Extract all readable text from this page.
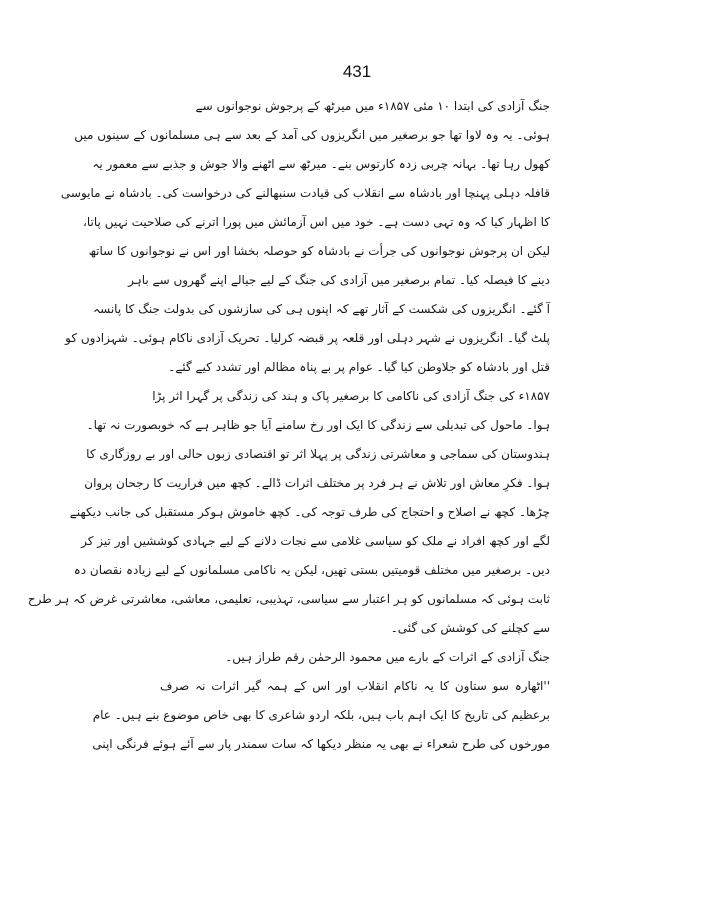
431
جنگ آزادی کی ابتدا ۱۰ مئی ۱۸۵۷ء میں میرٹھ کے پرجوش نوجوانوں سے
ہوئی۔ یہ وہ لاوا تھا جو برصغیر میں انگریزوں کی آمد کے بعد سے ہی مسلمانوں کے سینوں میں
کھول رہا تھا۔ بہانہ چربی زدہ کارتوس بنے۔ میرٹھ سے اٹھنے والا جوش و جذبے سے معمور یہ
قافلہ دہلی پہنچا اور بادشاہ سے انقلاب کی قیادت سنبھالنے کی درخواست کی۔ بادشاہ نے مایوسی
کا اظہار کیا کہ وہ تہی دست ہے۔ خود میں اس آزمائش میں پورا اترنے کی صلاحیت نہیں پاتا،
لیکن ان پرجوش نوجوانوں کی جرأت نے بادشاہ کو حوصلہ بخشا اور اس نے نوجوانوں کا ساتھ
دینے کا فیصلہ کیا۔ تمام برصغیر میں آزادی کی جنگ کے لیے جیالے اپنے گھروں سے باہر
آ گئے۔ انگریزوں کی شکست کے آثار تھے کہ اپنوں ہی کی سازشوں کی بدولت جنگ کا پانسہ
پلٹ گیا۔ انگریزوں نے شہر دہلی اور قلعہ پر قبضہ کرلیا۔ تحریک آزادی ناکام ہوئی۔ شہزادوں کو
قتل اور بادشاہ کو جلاوطن کیا گیا۔ عوام پر بے پناہ مظالم اور تشدد کیے گئے۔
۱۸۵۷ء کی جنگ آزادی کی ناکامی کا برصغیر پاک و ہند کی زندگی پر گہرا اثر پڑا
ہوا۔ ماحول کی تبدیلی سے زندگی کا ایک اور رخ سامنے آیا جو ظاہر ہے کہ خوبصورت نہ تھا۔
ہندوستان کی سماجی و معاشرتی زندگی پر پہلا اثر تو اقتصادی زبوں حالی اور بے روزگاری کا
ہوا۔ فکرِ معاش اور تلاش نے ہر فرد پر مختلف اثرات ڈالے۔ کچھ میں فراریت کا رجحان پروان
چڑھا۔ کچھ نے اصلاح و احتجاج کی طرف توجہ کی۔ کچھ خاموش ہوکر مستقبل کی جانب دیکھنے
لگے اور کچھ افراد نے ملک کو سیاسی غلامی سے نجات دلانے کے لیے جہادی کوششیں اور تیز کر
دیں۔ برصغیر میں مختلف قومیتیں بستی تھیں، لیکن یہ ناکامی مسلمانوں کے لیے زیادہ نقصان دہ
ثابت ہوئی کہ مسلمانوں کو ہر اعتبار سے سیاسی، تہذیبی، تعلیمی، معاشی، معاشرتی غرض کہ ہر طرح
سے کچلنے کی کوشش کی گئی۔
جنگ آزادی کے اثرات کے بارے میں محمود الرحمٰن رقم طراز ہیں۔
''اٹھارہ سو ستاون کا یہ ناکام انقلاب اور اس کے ہمہ گیر اثرات نہ صرف
برعظیم کی تاریخ کا ایک اہم باب ہیں، بلکہ اردو شاعری کا بھی خاص موضوع بنے ہیں۔ عام
مورخوں کی طرح شعراء نے بھی یہ منظر دیکھا کہ سات سمندر پار سے آئے ہوئے فرنگی اپنی
